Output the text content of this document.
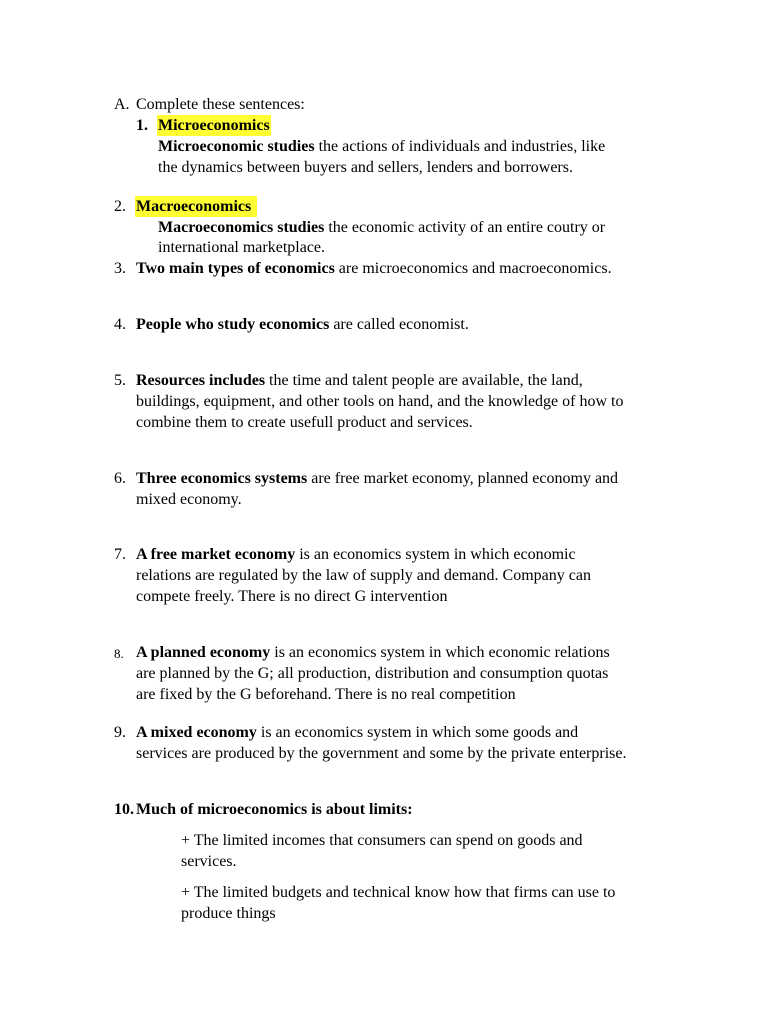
A. Complete these sentences:
1. Microeconomics
Microeconomic studies the actions of individuals and industries, like
the dynamics between buyers and sellers, lenders and borrowers.
2. Macroeconomics
Macroeconomics studies the economic activity of an entire coutry or
international marketplace.
3. Two main types of economics are microeconomics and macroeconomics.
4. People who study economics are called economist.
5. Resources includes the time and talent people are available, the land,
buildings, equipment, and other tools on hand, and the knowledge of how to
combine them to create usefull product and services.
6. Three economics systems are free market economy, planned economy and
mixed economy.
7. A free market economy is an economics system in which economic
relations are regulated by the law of supply and demand. Company can
compete freely. There is no direct G intervention
8. A planned economy is an economics system in which economic relations
are planned by the G; all production, distribution and consumption quotas
are fixed by the G beforehand. There is no real competition
9. A mixed economy is an economics system in which some goods and
services are produced by the government and some by the private enterprise.
10. Much of microeconomics is about limits:
+ The limited incomes that consumers can spend on goods and
services.
+ The limited budgets and technical know how that firms can use to
produce things
